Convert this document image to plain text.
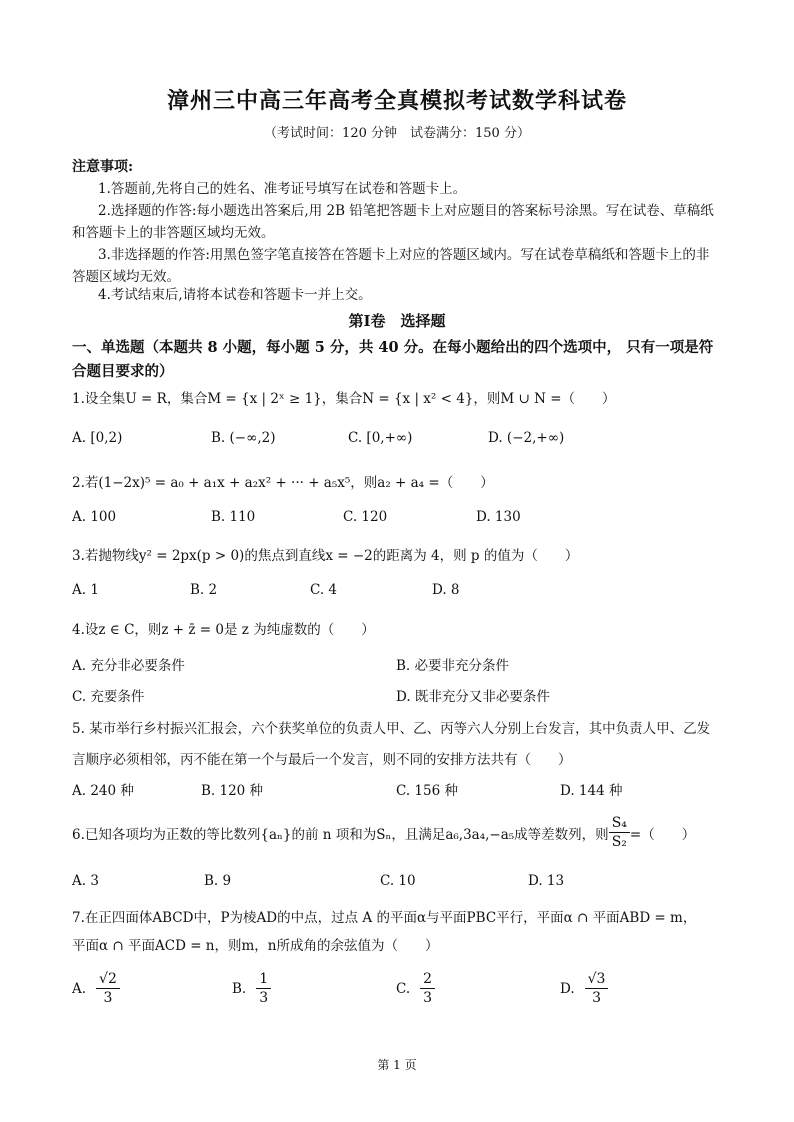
漳州三中高三年高考全真模拟考试数学科试卷
（考试时间：120 分钟　试卷满分：150 分）
注意事项:
1.答题前,先将自己的姓名、准考证号填写在试卷和答题卡上。
2.选择题的作答:每小题选出答案后,用 2B 铅笔把答题卡上对应题目的答案标号涂黑。写在试卷、草稿纸和答题卡上的非答题区域均无效。
3.非选择题的作答:用黑色签字笔直接答在答题卡上对应的答题区域内。写在试卷草稿纸和答题卡上的非答题区域均无效。
4.考试结束后,请将本试卷和答题卡一并上交。
第Ⅰ卷　选择题
一、单选题（本题共 8 小题，每小题 5 分，共 40 分。在每小题给出的四个选项中， 只有一项是符合题目要求的）
1.设全集U = R，集合M = {x | 2ˣ ≥ 1}，集合N = {x | x² < 4}，则M ∪ N =（　　）
A. [0,2)	B. (−∞,2)	C. [0,+∞)	D. (−2,+∞)
2.若(1−2x)⁵ = a₀ + a₁x + a₂x² + ··· + a₅x⁵，则a₂ + a₄ =（　　）
A. 100	B. 110	C. 120	D. 130
3.若抛物线y² = 2px(p > 0)的焦点到直线x = −2的距离为 4，则 p 的值为（　　）
A. 1	B. 2	C. 4	D. 8
4.设z ∈ C，则z + z̄ = 0是 z 为纯虚数的（　　）
A. 充分非必要条件	B. 必要非充分条件
C. 充要条件	D. 既非充分又非必要条件
5. 某市举行乡村振兴汇报会，六个获奖单位的负责人甲、乙、丙等六人分别上台发言，其中负责人甲、乙发
言顺序必须相邻，丙不能在第一个与最后一个发言，则不同的安排方法共有（　　）
A. 240 种	B. 120 种	C. 156 种	D. 144 种
6.已知各项均为正数的等比数列{aₙ}的前 n 项和为Sₙ，且满足a₆,3a₄,−a₅成等差数列，则 $\frac{\text{S₄}}{\text{S₂}}$ =（　　）
A. 3	B. 9	C. 10	D. 13
7.在正四面体ABCD中，P为棱AD的中点，过点 A 的平面α与平面PBC平行，平面α ∩ 平面ABD = m，
平面α ∩ 平面ACD = n，则m，n所成角的余弦值为（　　）
A. $\frac{√2}{3}$	B. $\frac{1}{3}$	C. $\frac{2}{3}$	D. $\frac{√3}{3}$
第 1 页
